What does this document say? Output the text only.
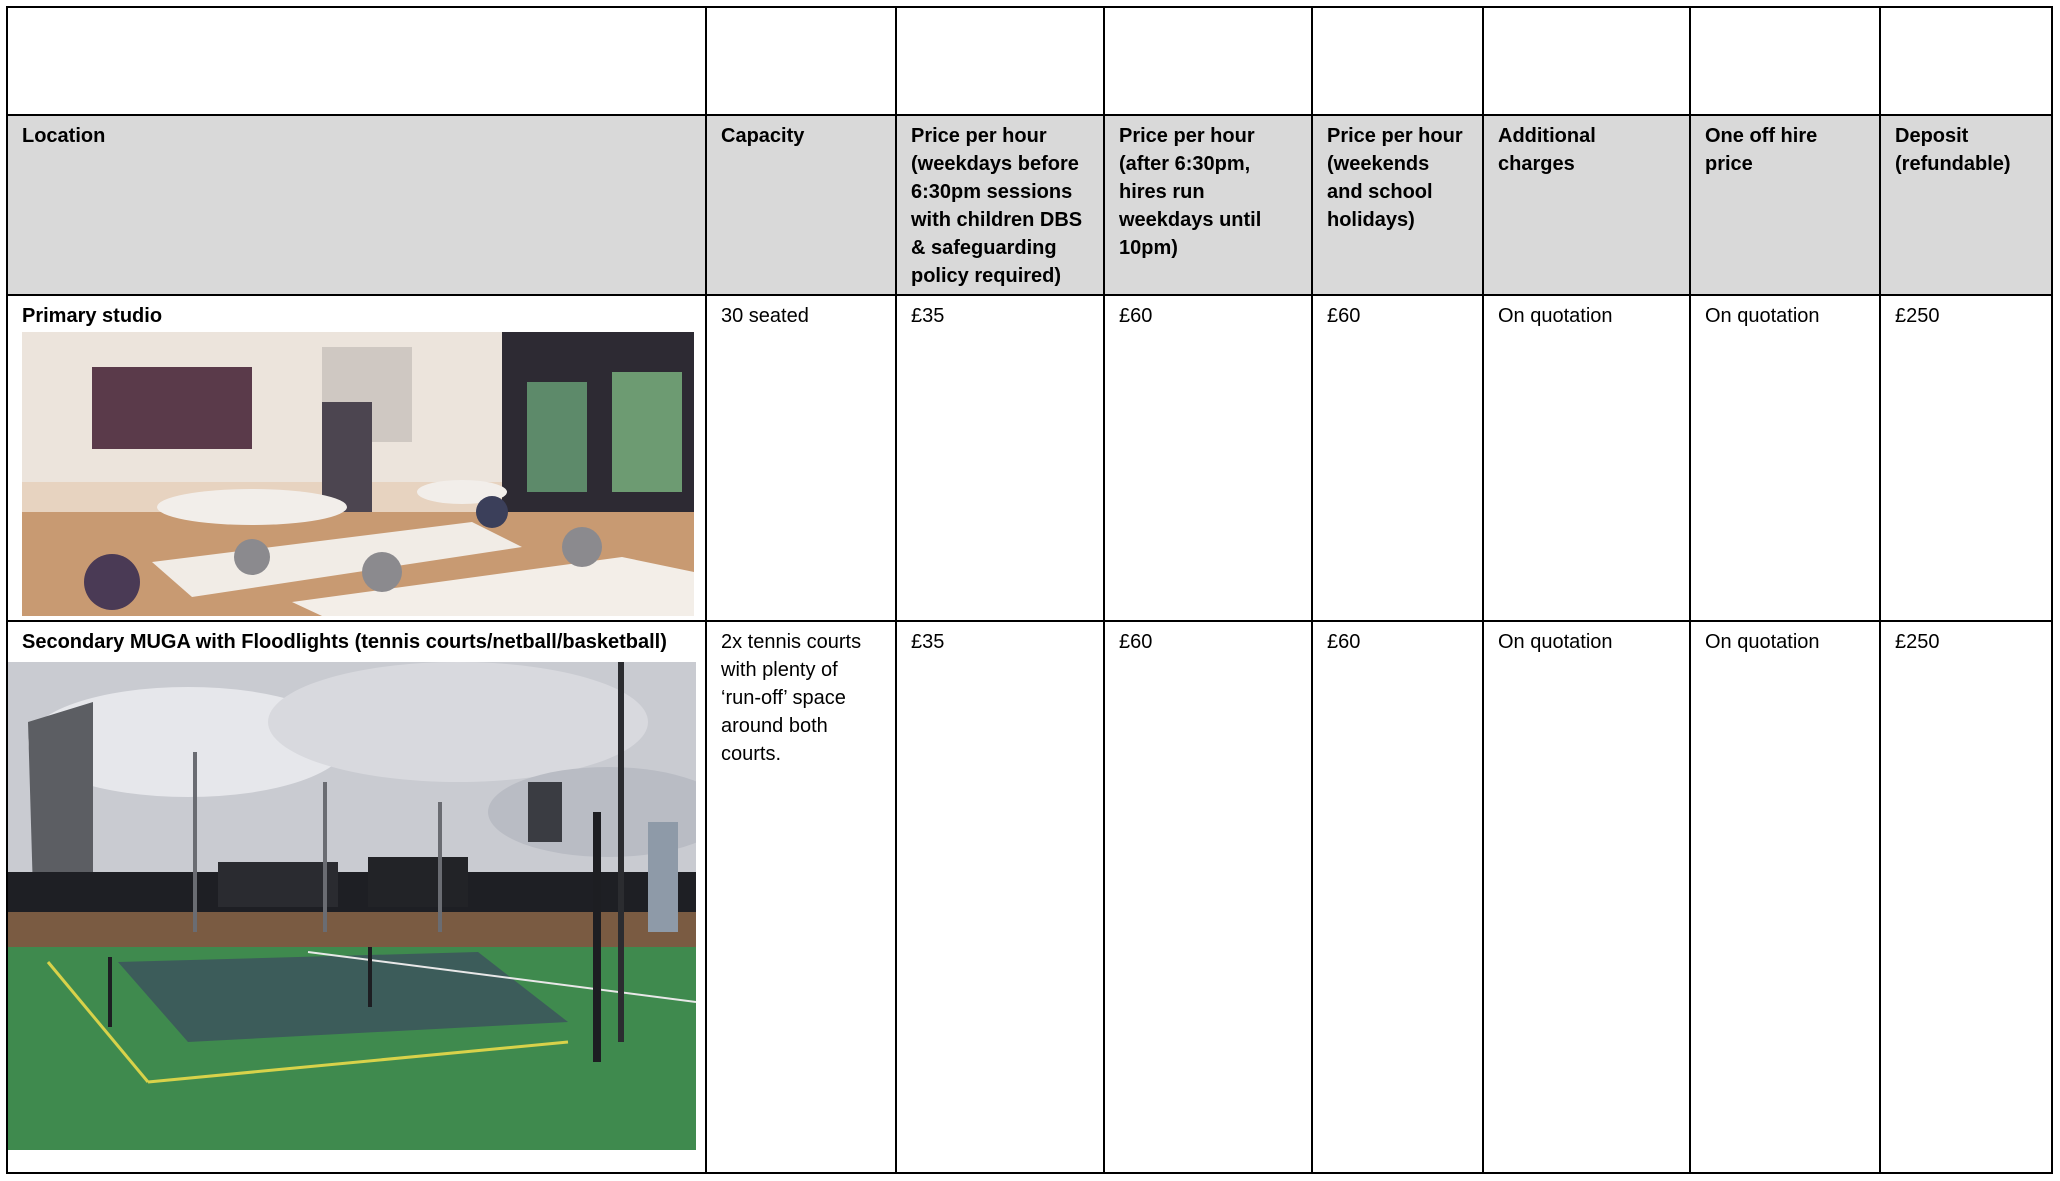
Location	Capacity	Price per hour (weekdays before 6:30pm sessions with children DBS & safeguarding policy required)	Price per hour (after 6:30pm, hires run weekdays until 10pm)	Price per hour (weekends and school holidays)	Additional charges	One off hire price	Deposit (refundable)

Primary studio	30 seated	£35	£60	£60	On quotation	On quotation	£250

Secondary MUGA with Floodlights (tennis courts/netball/basketball)	2x tennis courts with plenty of ‘run-off’ space around both courts.	£35	£60	£60	On quotation	On quotation	£250
